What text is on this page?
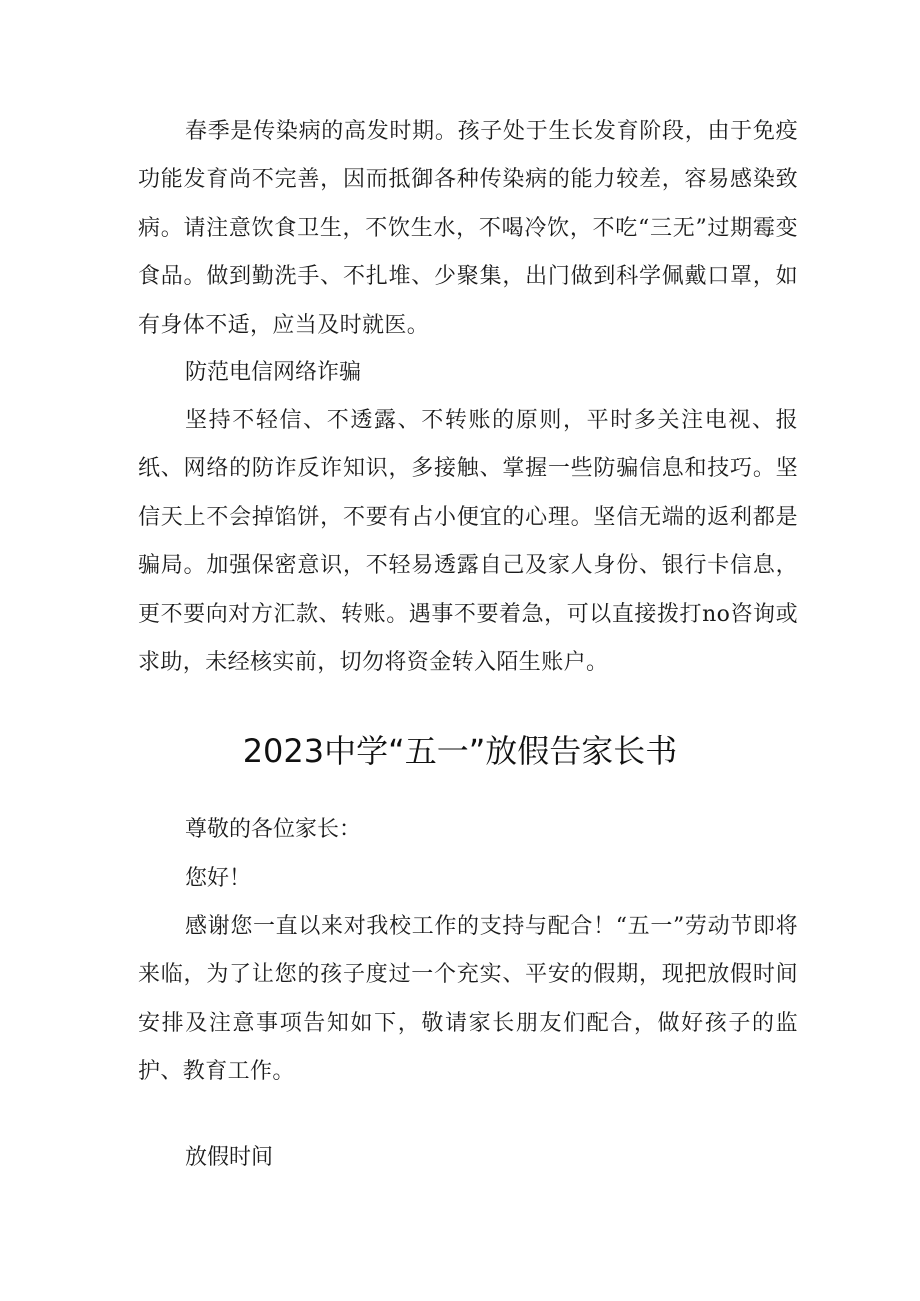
春季是传染病的高发时期。孩子处于生长发育阶段，由于免疫功能发育尚不完善，因而抵御各种传染病的能力较差，容易感染致病。请注意饮食卫生，不饮生水，不喝冷饮，不吃“三无”过期霉变食品。做到勤洗手、不扎堆、少聚集，出门做到科学佩戴口罩，如有身体不适，应当及时就医。

防范电信网络诈骗

坚持不轻信、不透露、不转账的原则，平时多关注电视、报纸、网络的防诈反诈知识，多接触、掌握一些防骗信息和技巧。坚信天上不会掉馅饼，不要有占小便宜的心理。坚信无端的返利都是骗局。加强保密意识，不轻易透露自己及家人身份、银行卡信息，更不要向对方汇款、转账。遇事不要着急，可以直接拨打no咨询或求助，未经核实前，切勿将资金转入陌生账户。

2023中学“五一”放假告家长书

尊敬的各位家长：

您好！

感谢您一直以来对我校工作的支持与配合！“五一”劳动节即将来临，为了让您的孩子度过一个充实、平安的假期，现把放假时间安排及注意事项告知如下，敬请家长朋友们配合，做好孩子的监护、教育工作。

放假时间
